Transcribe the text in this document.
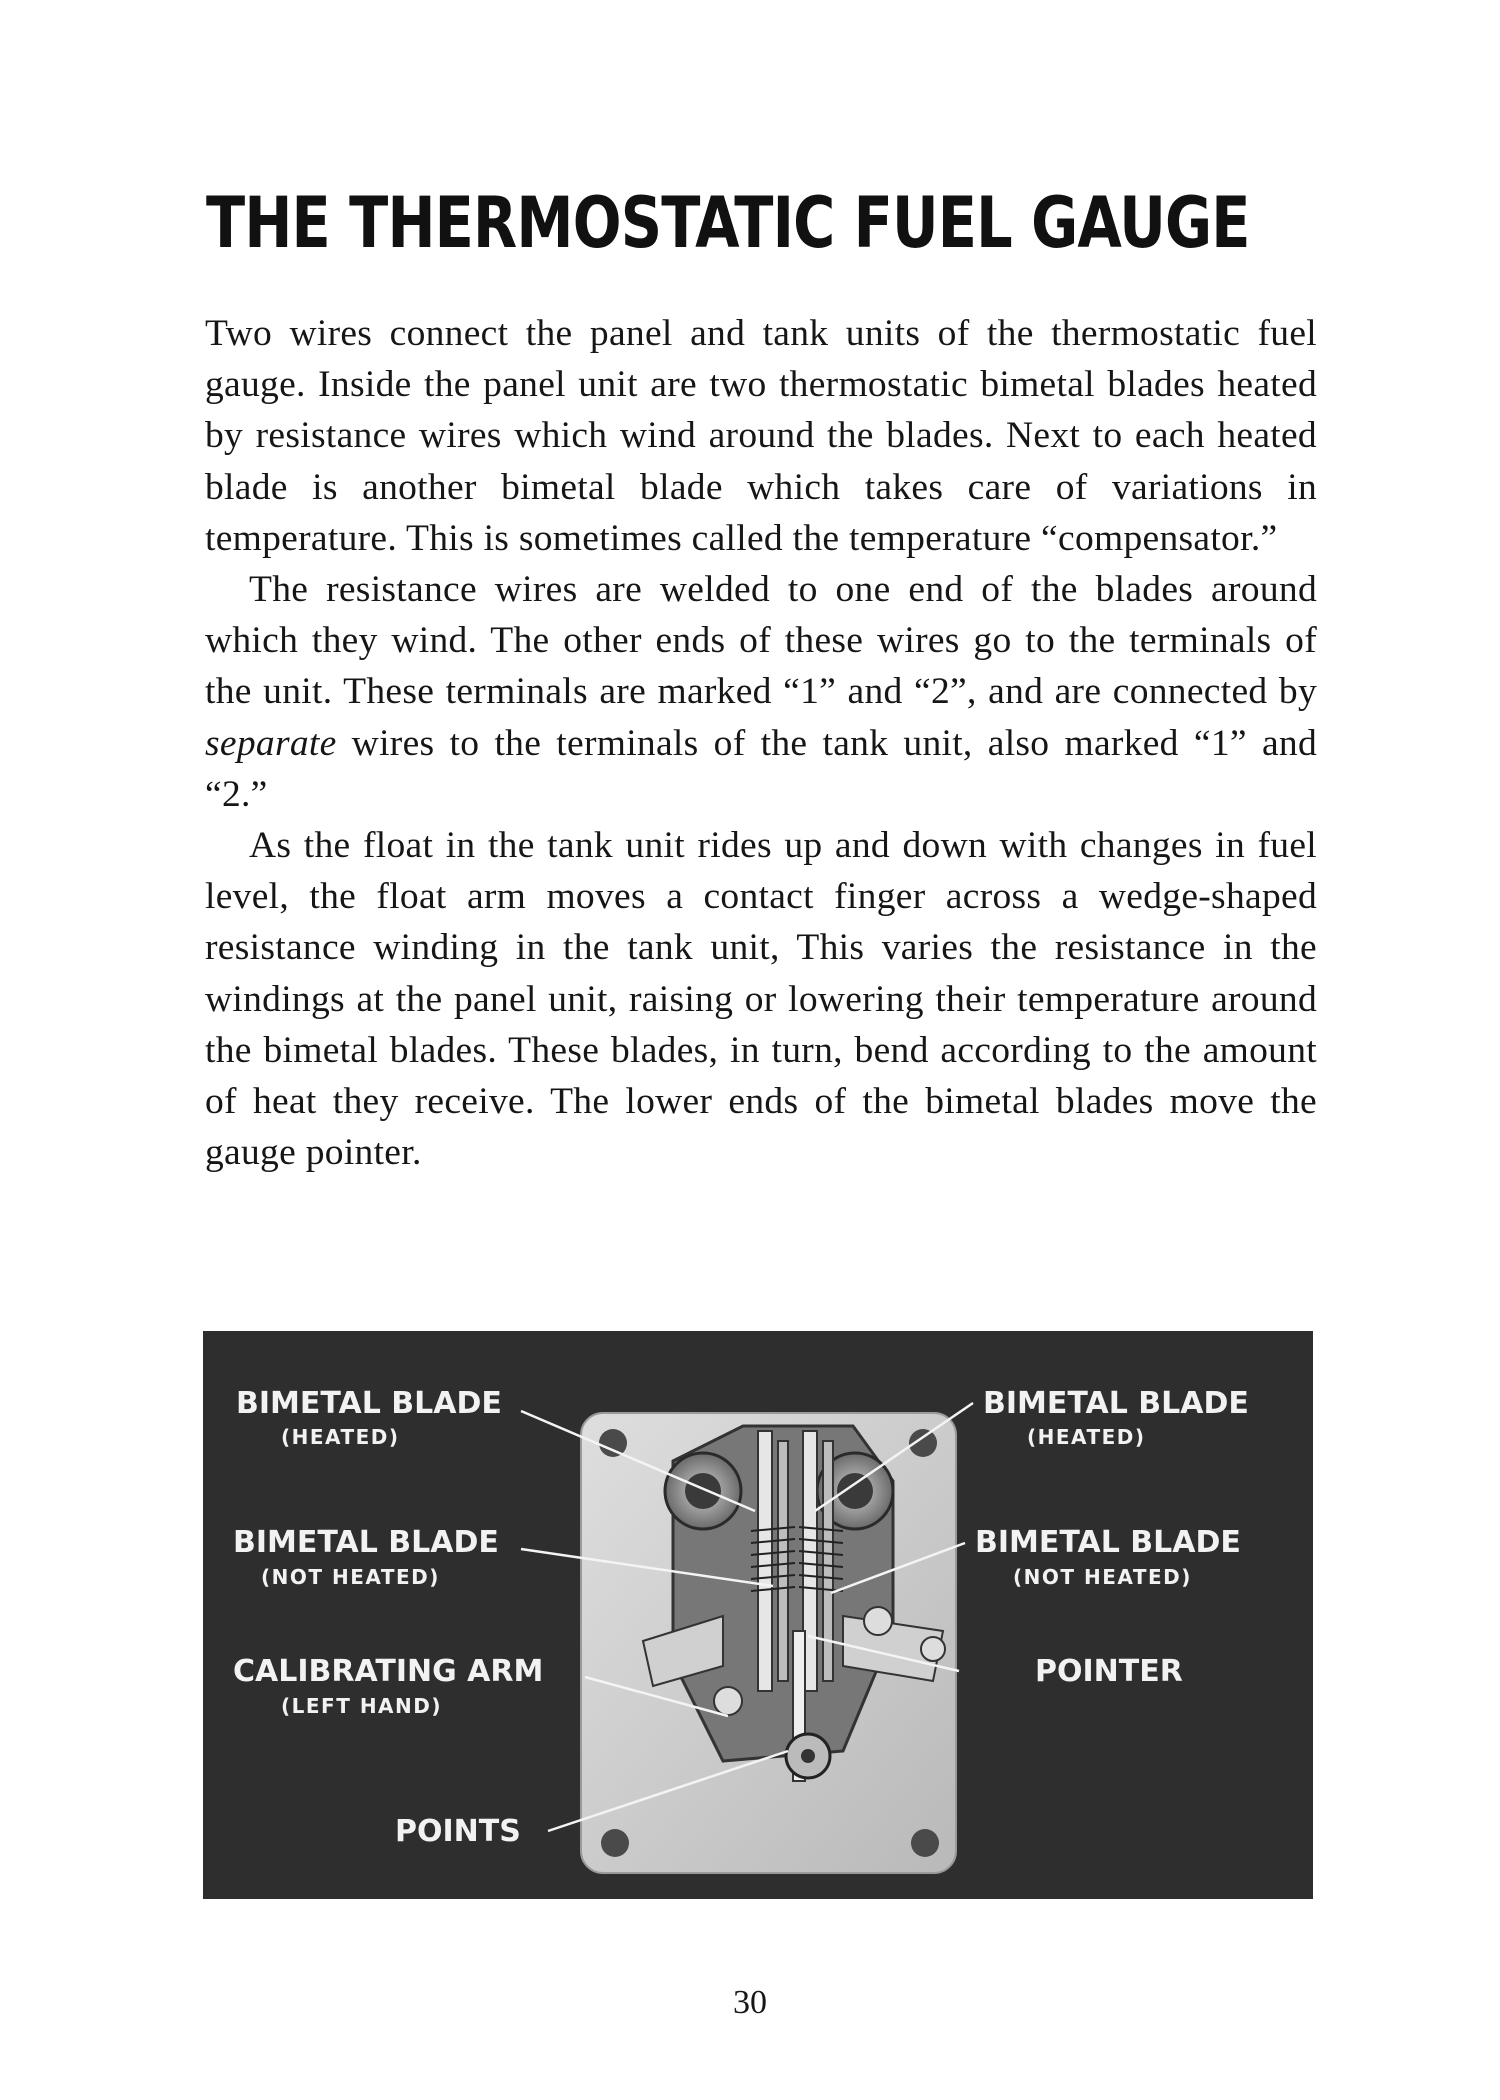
THE THERMOSTATIC FUEL GAUGE

Two wires connect the panel and tank units of the thermostatic fuel gauge. Inside the panel unit are two thermostatic bimetal blades heated by resistance wires which wind around the blades. Next to each heated blade is another bimetal blade which takes care of variations in temperature. This is sometimes called the temperature “compensator.”

The resistance wires are welded to one end of the blades around which they wind. The other ends of these wires go to the terminals of the unit. These terminals are marked “1” and “2”, and are connected by separate wires to the terminals of the tank unit, also marked “1” and “2.”

As the float in the tank unit rides up and down with changes in fuel level, the float arm moves a contact finger across a wedge-shaped resistance winding in the tank unit, This varies the resistance in the windings at the panel unit, raising or lowering their temperature around the bimetal blades. These blades, in turn, bend according to the amount of heat they receive. The lower ends of the bimetal blades move the gauge pointer.

BIMETAL BLADE
(HEATED)
BIMETAL BLADE
(NOT HEATED)
CALIBRATING ARM
(LEFT HAND)
POINTS
BIMETAL BLADE
(HEATED)
BIMETAL BLADE
(NOT HEATED)
POINTER
30
